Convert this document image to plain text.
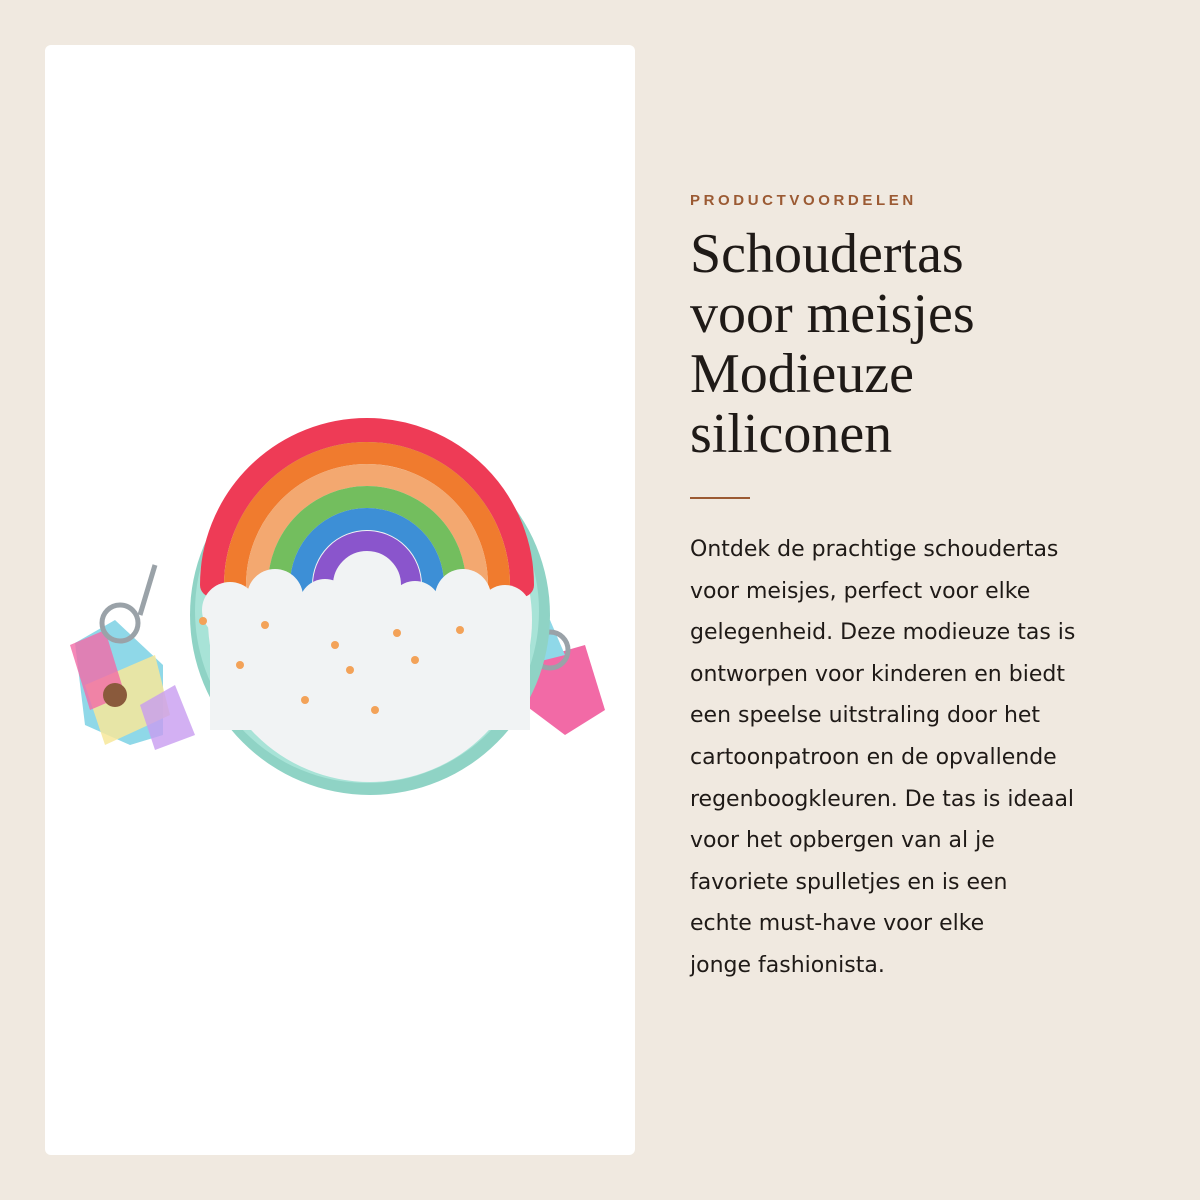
PRODUCTVOORDELEN

Schoudertas
voor meisjes
Modieuze
siliconen
Ontdek de prachtige schoudertas
voor meisjes, perfect voor elke
gelegenheid. Deze modieuze tas is
ontworpen voor kinderen en biedt
een speelse uitstraling door het
cartoonpatroon en de opvallende
regenboogkleuren. De tas is ideaal
voor het opbergen van al je
favoriete spulletjes en is een
echte must-have voor elke
jonge fashionista.
